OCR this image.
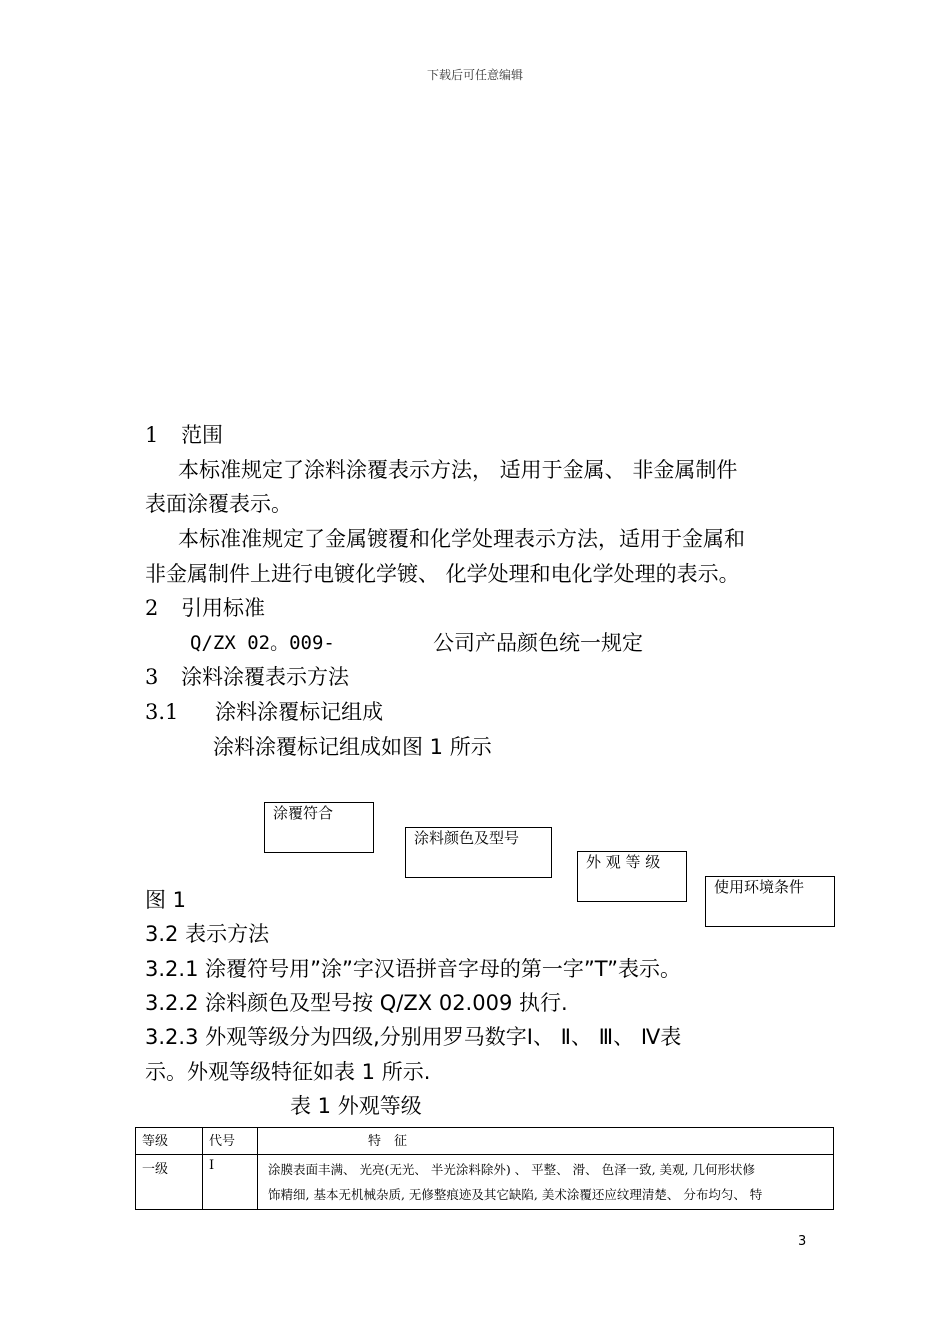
下载后可任意编辑
1 范围
本标准规定了涂料涂覆表示方法， 适用于金属、 非金属制件
表面涂覆表示。
本标准准规定了金属镀覆和化学处理表示方法，适用于金属和
非金属制件上进行电镀化学镀、 化学处理和电化学处理的表示。
2 引用标准
Q/ZX 02。009-	公司产品颜色统一规定
3 涂料涂覆表示方法
3.1 涂料涂覆标记组成
涂料涂覆标记组成如图 1 所示
涂覆符合
涂料颜色及型号
外 观 等 级
使用环境条件
图 1
3.2 表示方法
3.2.1 涂覆符号用”涂”字汉语拼音字母的第一字”T”表示。
3.2.2 涂料颜色及型号按 Q/ZX 02.009 执行.
3.2.3 外观等级分为四级,分别用罗马数字Ⅰ、 Ⅱ、 Ⅲ、 Ⅳ表
示。外观等级特征如表 1 所示.
表 1 外观等级
等级	代号	特　征
一级	Ⅰ	涂膜表面丰满、 光亮(无光、 半光涂料除外) 、 平整、 滑、 色泽一致, 美观, 几何形状修
饰精细, 基本无机械杂质, 无修整痕迹及其它缺陷, 美术涂覆还应纹理清楚、 分布均匀、 特
3
